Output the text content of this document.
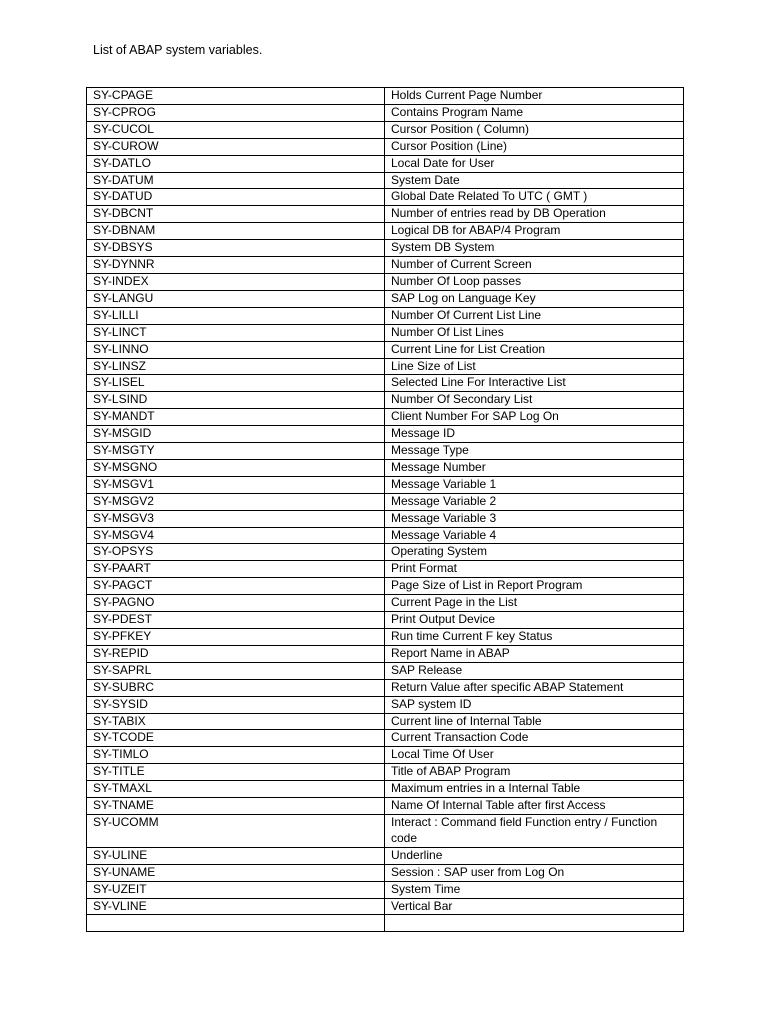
List of ABAP system variables.
SY-CPAGE	Holds Current Page Number
SY-CPROG	Contains Program Name
SY-CUCOL	Cursor Position ( Column)
SY-CUROW	Cursor Position (Line)
SY-DATLO	Local Date for User
SY-DATUM	System Date
SY-DATUD	Global Date Related To UTC ( GMT )
SY-DBCNT	Number of entries read by DB Operation
SY-DBNAM	Logical DB for ABAP/4 Program
SY-DBSYS	System DB System
SY-DYNNR	Number of Current Screen
SY-INDEX	Number Of Loop passes
SY-LANGU	SAP Log on Language Key
SY-LILLI	Number Of Current List Line
SY-LINCT	Number Of List Lines
SY-LINNO	Current Line for List Creation
SY-LINSZ	Line Size of List
SY-LISEL	Selected Line For Interactive List
SY-LSIND	Number Of Secondary List
SY-MANDT	Client Number For SAP Log On
SY-MSGID	Message ID
SY-MSGTY	Message Type
SY-MSGNO	Message Number
SY-MSGV1	Message Variable 1
SY-MSGV2	Message Variable 2
SY-MSGV3	Message Variable 3
SY-MSGV4	Message Variable 4
SY-OPSYS	Operating System
SY-PAART	Print Format
SY-PAGCT	Page Size of List in Report Program
SY-PAGNO	Current Page in the List
SY-PDEST	Print Output Device
SY-PFKEY	Run time Current F key Status
SY-REPID	Report Name in ABAP
SY-SAPRL	SAP Release
SY-SUBRC	Return Value after specific ABAP Statement
SY-SYSID	SAP system ID
SY-TABIX	Current line of Internal Table
SY-TCODE	Current Transaction Code
SY-TIMLO	Local Time Of User
SY-TITLE	Title of ABAP Program
SY-TMAXL	Maximum entries in a Internal Table
SY-TNAME	Name Of Internal Table after first Access
SY-UCOMM	Interact : Command field Function entry / Function code
SY-ULINE	Underline
SY-UNAME	Session : SAP user from Log On
SY-UZEIT	System Time
SY-VLINE	Vertical Bar
